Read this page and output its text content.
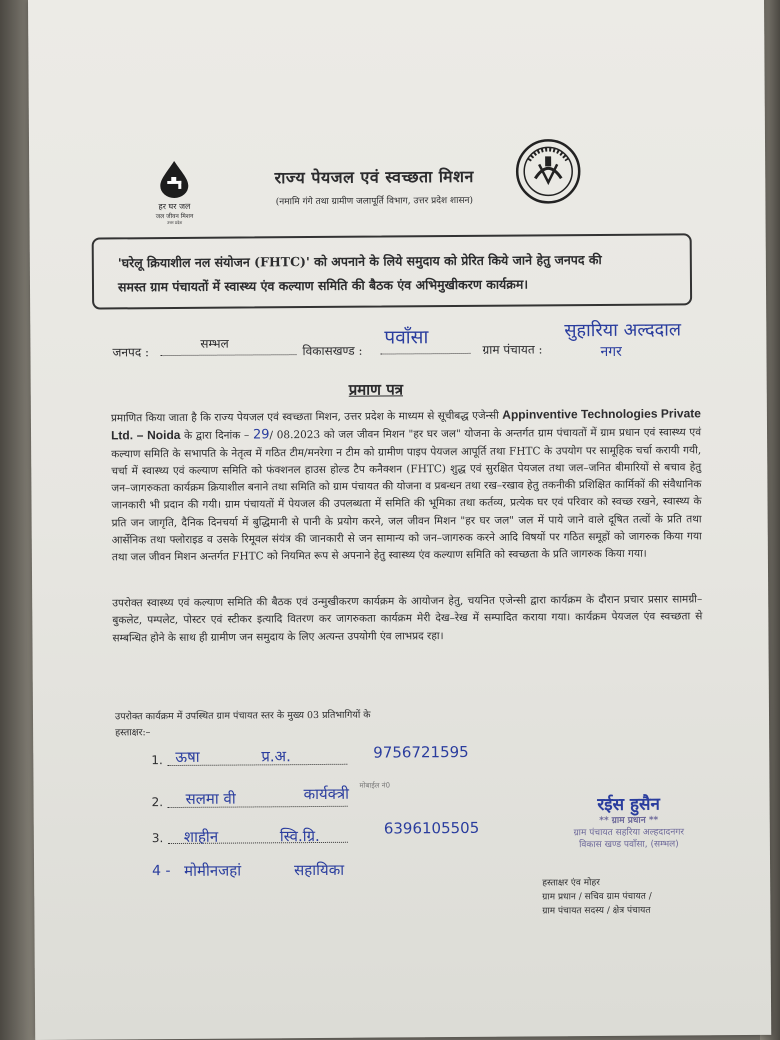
हर घर जल
जल जीवन मिशन
उत्तर प्रदेश
राज्य पेयजल एवं स्वच्छता मिशन
(नमामि गंगे तथा ग्रामीण जलापूर्ति विभाग, उत्तर प्रदेश शासन)
'घरेलू क्रियाशील नल संयोजन (FHTC)' को अपनाने के लिये समुदाय को प्रेरित किये जाने हेतु जनपद की
समस्त ग्राम पंचायतों में स्वास्थ्य एंव कल्याण समिति की बैठक एंव अभिमुखीकरण कार्यक्रम।
जनपद :
सम्भल	विकासखण्ड :
पवाँसा
ग्राम पंचायत :
सुहारिया अल्ददाल
नगर
प्रमाण पत्र
प्रमाणित किया जाता है कि राज्य पेयजल एवं स्वच्छता मिशन, उत्तर प्रदेश के माध्यम से सूचीबद्ध एजेन्सी Appinventive Technologies Private Ltd. – Noida के द्वारा दिनांक – 29/ 08.2023 को जल जीवन मिशन "हर घर जल" योजना के अन्तर्गत ग्राम पंचायतों में ग्राम प्रधान एवं स्वास्थ्य एवं कल्याण समिति के सभापति के नेतृत्व में गठित टीम/मनरेगा न टीम को ग्रामीण पाइप पेयजल आपूर्ति तथा FHTC के उपयोग पर सामूहिक चर्चा करायी गयी, चर्चा में स्वास्थ्य एवं कल्याण समिति को फंक्शनल हाउस होल्ड टैप कनैक्शन (FHTC) शुद्ध एवं सुरक्षित पेयजल तथा जल–जनित बीमारियों से बचाव हेतु जन–जागरुकता कार्यक्रम क्रियाशील बनाने तथा समिति को ग्राम पंचायत की योजना व प्रबन्धन तथा रख–रखाव हेतु तकनीकी प्रशिक्षित कार्मिकों की संवैधानिक जानकारी भी प्रदान की गयी। ग्राम पंचायतों में पेयजल की उपलब्धता में समिति की भूमिका तथा कर्तव्य, प्रत्येक घर एवं परिवार को स्वच्छ रखने, स्वास्थ्य के प्रति जन जागृति, दैनिक दिनचर्या में बुद्धिमानी से पानी के प्रयोग करने, जल जीवन मिशन "हर घर जल" जल में पाये जाने वाले दूषित तत्वों के प्रति तथा आर्सेनिक तथा फ्लोराइड व उसके रिमूवल संयंत्र की जानकारी से जन सामान्य को जन–जागरुक करने आदि विषयों पर गठित समूहों को जागरुक किया गया तथा जल जीवन मिशन अन्तर्गत FHTC को नियमित रूप से अपनाने हेतु स्वास्थ्य एंव कल्याण समिति को स्वच्छता के प्रति जागरुक किया गया।
उपरोक्त स्वास्थ्य एवं कल्याण समिति की बैठक एवं उन्मुखीकरण कार्यक्रम के आयोजन हेतु, चयनित एजेन्सी द्वारा कार्यक्रम के दौरान प्रचार प्रसार सामग्री–बुकलेट, पम्पलेट, पोस्टर एवं स्टीकर इत्यादि वितरण कर जागरुकता कार्यक्रम मेरी देख–रेख में सम्पादित कराया गया। कार्यक्रम पेयजल एंव स्वच्छता से सम्बन्धित होने के साथ ही ग्रामीण जन समुदाय के लिए अत्यन्त उपयोगी एंव लाभप्रद रहा।
उपरोक्त कार्यक्रम में उपस्थित ग्राम पंचायत स्तर के मुख्य 03 प्रतिभागियों के
हस्ताक्षर:–
1. ऊषा	प्र.अ.	9756721595
मोबाईल नं0
2. सलमा वी	कार्यक्त्री
3. शाहीन	स्वि.ग्रि.	6396105505
4 - मोमीनजहां	सहायिका
रईस हुसैन
** ग्राम प्रधान **
ग्राम पंचायत सहरिया अल्हदादनगर
विकास खण्ड पवाँसा, (सम्भल)
हस्ताक्षर एंव मोहर
ग्राम प्रधान / सचिव ग्राम पंचायत /
ग्राम पंचायत सदस्य / क्षेत्र पंचायत
